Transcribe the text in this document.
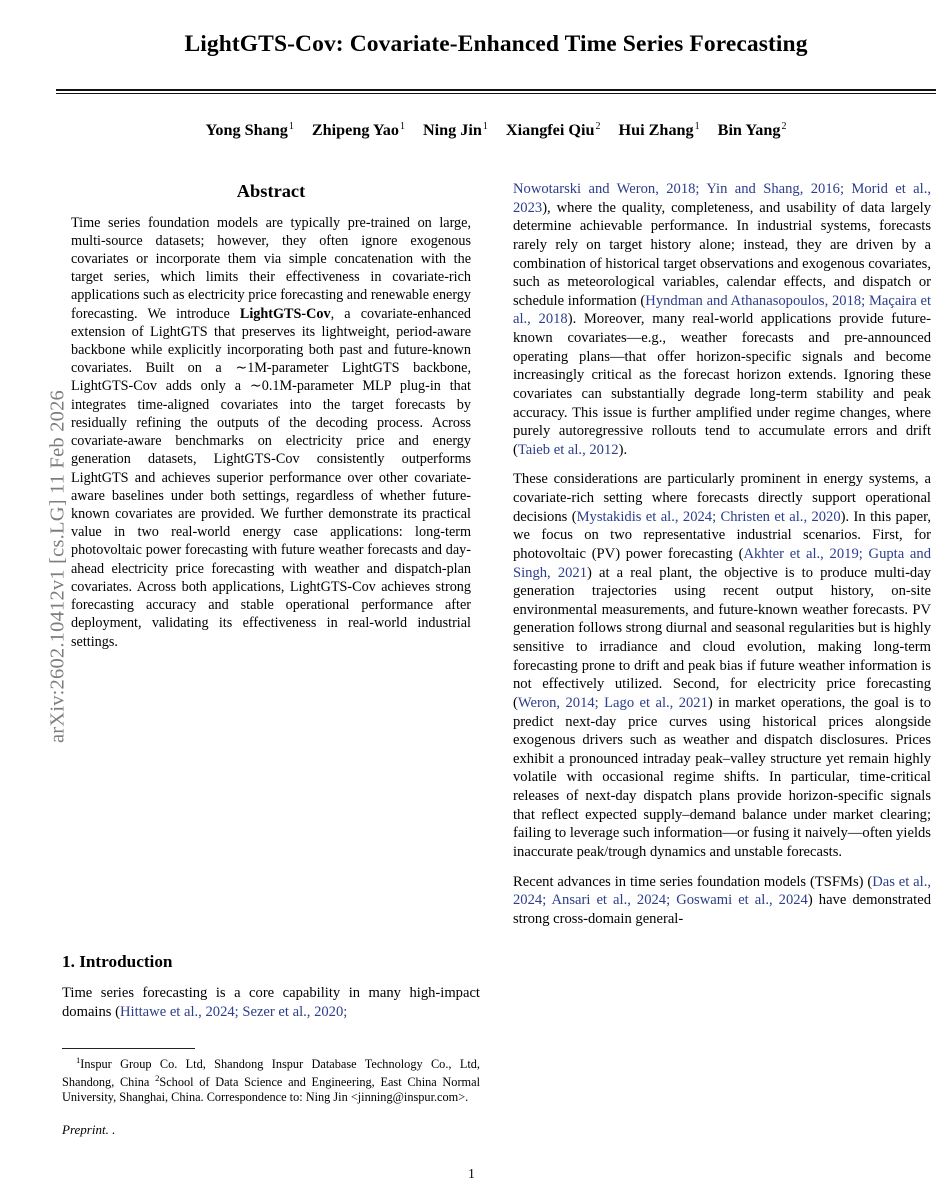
arXiv:2602.10412v1 [cs.LG] 11 Feb 2026
LightGTS-Cov: Covariate-Enhanced Time Series Forecasting
Yong Shang$^1$ Zhipeng Yao$^1$ Ning Jin$^1$ Xiangfei Qiu$^2$ Hui Zhang$^1$ Bin Yang$^2$
Abstract

Time series foundation models are typically pre-trained on large, multi-source datasets; however, they often ignore exogenous covariates or incorporate them via simple concatenation with the target series, which limits their effectiveness in covariate-rich applications such as electricity price forecasting and renewable energy forecasting. We introduce LightGTS-Cov, a covariate-enhanced extension of LightGTS that preserves its lightweight, period-aware backbone while explicitly incorporating both past and future-known covariates. Built on a ∼1M-parameter LightGTS backbone, LightGTS-Cov adds only a ∼0.1M-parameter MLP plug-in that integrates time-aligned covariates into the target forecasts by residually refining the outputs of the decoding process. Across covariate-aware benchmarks on electricity price and energy generation datasets, LightGTS-Cov consistently outperforms LightGTS and achieves superior performance over other covariate-aware baselines under both settings, regardless of whether future-known covariates are provided. We further demonstrate its practical value in two real-world energy case applications: long-term photovoltaic power forecasting with future weather forecasts and day-ahead electricity price forecasting with weather and dispatch-plan covariates. Across both applications, LightGTS-Cov achieves strong forecasting accuracy and stable operational performance after deployment, validating its effectiveness in real-world industrial settings.

1. Introduction

Time series forecasting is a core capability in many high-impact domains (Hittawe et al., 2024; Sezer et al., 2020;

$^1$Inspur Group Co. Ltd, Shandong Inspur Database Technology Co., Ltd, Shandong, China $^2$School of Data Science and Engineering, East China Normal University, Shanghai, China. Correspondence to: Ning Jin <jinning@inspur.com>.

Preprint. .

Nowotarski and Weron, 2018; Yin and Shang, 2016; Morid et al., 2023), where the quality, completeness, and usability of data largely determine achievable performance. In industrial systems, forecasts rarely rely on target history alone; instead, they are driven by a combination of historical target observations and exogenous covariates, such as meteorological variables, calendar effects, and dispatch or schedule information (Hyndman and Athanasopoulos, 2018; Maçaira et al., 2018). Moreover, many real-world applications provide future-known covariates—e.g., weather forecasts and pre-announced operating plans—that offer horizon-specific signals and become increasingly critical as the forecast horizon extends. Ignoring these covariates can substantially degrade long-term stability and peak accuracy. This issue is further amplified under regime changes, where purely autoregressive rollouts tend to accumulate errors and drift (Taieb et al., 2012).

These considerations are particularly prominent in energy systems, a covariate-rich setting where forecasts directly support operational decisions (Mystakidis et al., 2024; Christen et al., 2020). In this paper, we focus on two representative industrial scenarios. First, for photovoltaic (PV) power forecasting (Akhter et al., 2019; Gupta and Singh, 2021) at a real plant, the objective is to produce multi-day generation trajectories using recent output history, on-site environmental measurements, and future-known weather forecasts. PV generation follows strong diurnal and seasonal regularities but is highly sensitive to irradiance and cloud evolution, making long-term forecasting prone to drift and peak bias if future weather information is not effectively utilized. Second, for electricity price forecasting (Weron, 2014; Lago et al., 2021) in market operations, the goal is to predict next-day price curves using historical prices alongside exogenous drivers such as weather and dispatch disclosures. Prices exhibit a pronounced intraday peak–valley structure yet remain highly volatile with occasional regime shifts. In particular, time-critical releases of next-day dispatch plans provide horizon-specific signals that reflect expected supply–demand balance under market clearing; failing to leverage such information—or fusing it naively—often yields inaccurate peak/trough dynamics and unstable forecasts.

Recent advances in time series foundation models (TSFMs) (Das et al., 2024; Ansari et al., 2024; Goswami et al., 2024) have demonstrated strong cross-domain general-

1
